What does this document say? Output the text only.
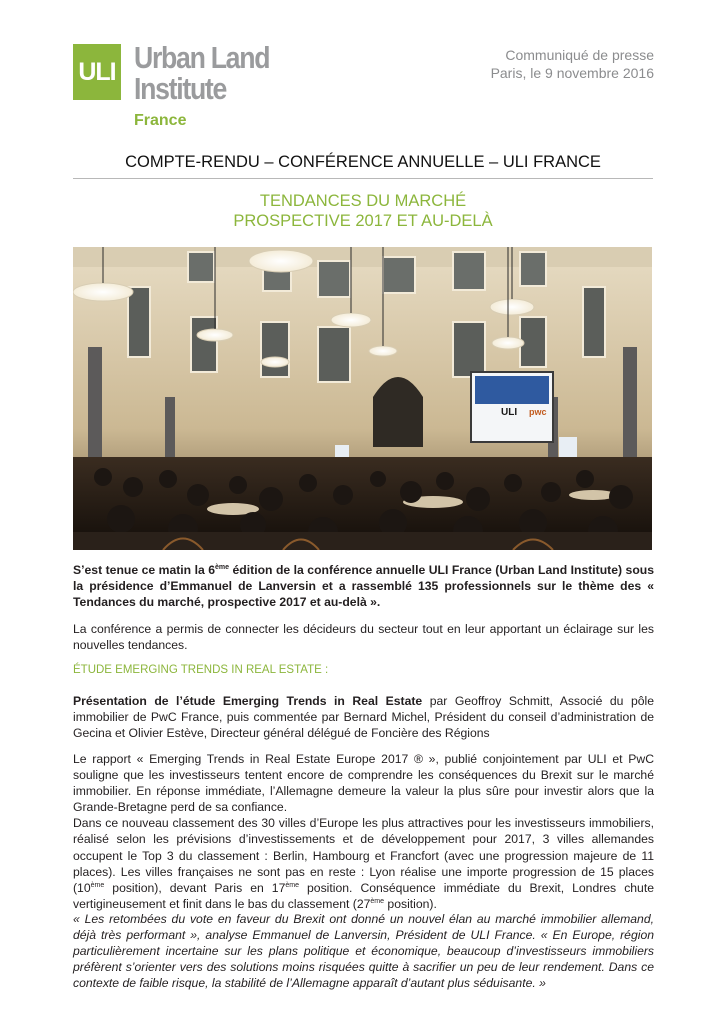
ULI Urban Land
Institute
France
Communiqué de presse
Paris, le 9 novembre 2016
COMPTE-RENDU – CONFÉRENCE ANNUELLE – ULI FRANCE
TENDANCES DU MARCHÉ
PROSPECTIVE 2017 ET AU-DELÀ
ULI pwc
S’est tenue ce matin la 6ème édition de la conférence annuelle ULI France (Urban Land Institute) sous la présidence d’Emmanuel de Lanversin et a rassemblé 135 professionnels sur le thème des « Tendances du marché, prospective 2017 et au-delà ».
La conférence a permis de connecter les décideurs du secteur tout en leur apportant un éclairage sur les nouvelles tendances.
ÉTUDE EMERGING TRENDS IN REAL ESTATE :
Présentation de l’étude Emerging Trends in Real Estate par Geoffroy Schmitt, Associé du pôle immobilier de PwC France, puis commentée par Bernard Michel, Président du conseil d’administration de Gecina et Olivier Estève, Directeur général délégué de Foncière des Régions
Le rapport « Emerging Trends in Real Estate Europe 2017 ® », publié conjointement par ULI et PwC souligne que les investisseurs tentent encore de comprendre les conséquences du Brexit sur le marché immobilier. En réponse immédiate, l’Allemagne demeure la valeur la plus sûre pour investir alors que la Grande-Bretagne perd de sa confiance.
Dans ce nouveau classement des 30 villes d’Europe les plus attractives pour les investisseurs immobiliers, réalisé selon les prévisions d’investissements et de développement pour 2017, 3 villes allemandes occupent le Top 3 du classement : Berlin, Hambourg et Francfort (avec une progression majeure de 11 places). Les villes françaises ne sont pas en reste : Lyon réalise une importe progression de 15 places (10ème position), devant Paris en 17ème position. Conséquence immédiate du Brexit, Londres chute vertigineusement et finit dans le bas du classement (27ème position).
« Les retombées du vote en faveur du Brexit ont donné un nouvel élan au marché immobilier allemand, déjà très performant », analyse Emmanuel de Lanversin, Président de ULI France. « En Europe, région particulièrement incertaine sur les plans politique et économique, beaucoup d’investisseurs immobiliers préfèrent s’orienter vers des solutions moins risquées quitte à sacrifier un peu de leur rendement. Dans ce contexte de faible risque, la stabilité de l’Allemagne apparaît d’autant plus séduisante. »
